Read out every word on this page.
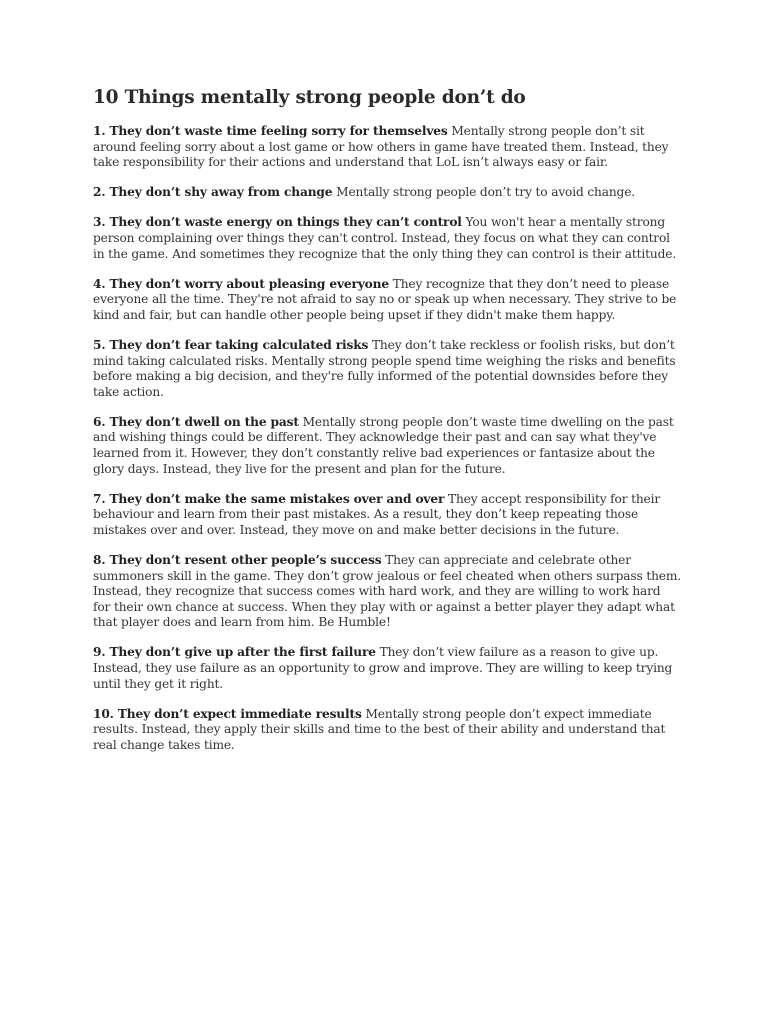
10 Things mentally strong people don’t do

1. They don’t waste time feeling sorry for themselves Mentally strong people don’t sit around feeling sorry about a lost game or how others in game have treated them. Instead, they take responsibility for their actions and understand that LoL isn’t always easy or fair.

2. They don’t shy away from change Mentally strong people don’t try to avoid change.

3. They don’t waste energy on things they can’t control You won't hear a mentally strong person complaining over things they can't control. Instead, they focus on what they can control in the game. And sometimes they recognize that the only thing they can control is their attitude.

4. They don’t worry about pleasing everyone They recognize that they don’t need to please everyone all the time. They're not afraid to say no or speak up when necessary. They strive to be kind and fair, but can handle other people being upset if they didn't make them happy.

5. They don’t fear taking calculated risks They don’t take reckless or foolish risks, but don’t mind taking calculated risks. Mentally strong people spend time weighing the risks and benefits before making a big decision, and they're fully informed of the potential downsides before they take action.

6. They don’t dwell on the past Mentally strong people don’t waste time dwelling on the past and wishing things could be different. They acknowledge their past and can say what they've learned from it. However, they don’t constantly relive bad experiences or fantasize about the glory days. Instead, they live for the present and plan for the future.

7. They don’t make the same mistakes over and over They accept responsibility for their behaviour and learn from their past mistakes. As a result, they don’t keep repeating those mistakes over and over. Instead, they move on and make better decisions in the future.

8. They don’t resent other people’s success They can appreciate and celebrate other summoners skill in the game. They don’t grow jealous or feel cheated when others surpass them. Instead, they recognize that success comes with hard work, and they are willing to work hard for their own chance at success. When they play with or against a better player they adapt what that player does and learn from him. Be Humble!

9. They don’t give up after the first failure They don’t view failure as a reason to give up. Instead, they use failure as an opportunity to grow and improve. They are willing to keep trying until they get it right.

10. They don’t expect immediate results Mentally strong people don’t expect immediate results. Instead, they apply their skills and time to the best of their ability and understand that real change takes time.
